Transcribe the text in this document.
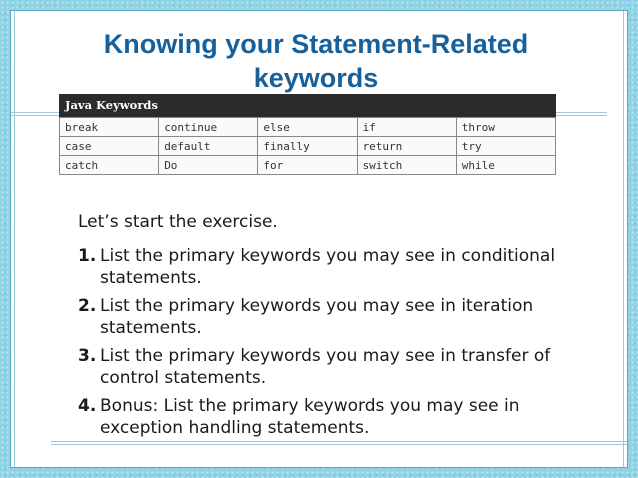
Knowing your Statement-Related keywords
Java Keywords
break	continue	else	if	throw
case	default	finally	return	try
catch	Do	for	switch	while

Let’s start the exercise.

1. List the primary keywords you may see in conditional statements.
2. List the primary keywords you may see in iteration statements.
3. List the primary keywords you may see in transfer of control statements.
4. Bonus: List the primary keywords you may see in exception handling statements.
